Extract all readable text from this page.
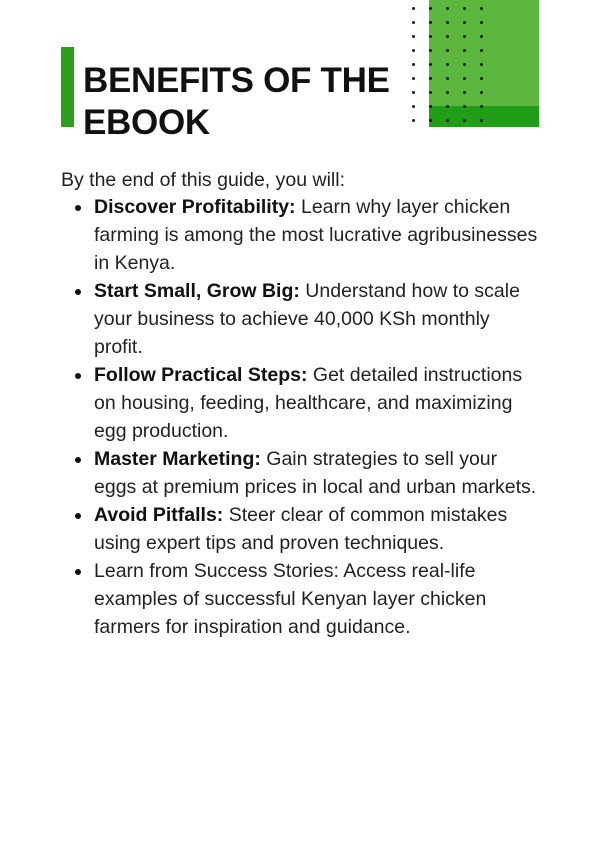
BENEFITS OF THE
EBOOK

By the end of this guide, you will:

Discover Profitability: Learn why layer chicken farming is among the most lucrative agribusinesses in Kenya.
Start Small, Grow Big: Understand how to scale your business to achieve 40,000 KSh monthly profit.
Follow Practical Steps: Get detailed instructions on housing, feeding, healthcare, and maximizing egg production.
Master Marketing: Gain strategies to sell your eggs at premium prices in local and urban markets.
Avoid Pitfalls: Steer clear of common mistakes using expert tips and proven techniques.
Learn from Success Stories: Access real-life examples of successful Kenyan layer chicken farmers for inspiration and guidance.
